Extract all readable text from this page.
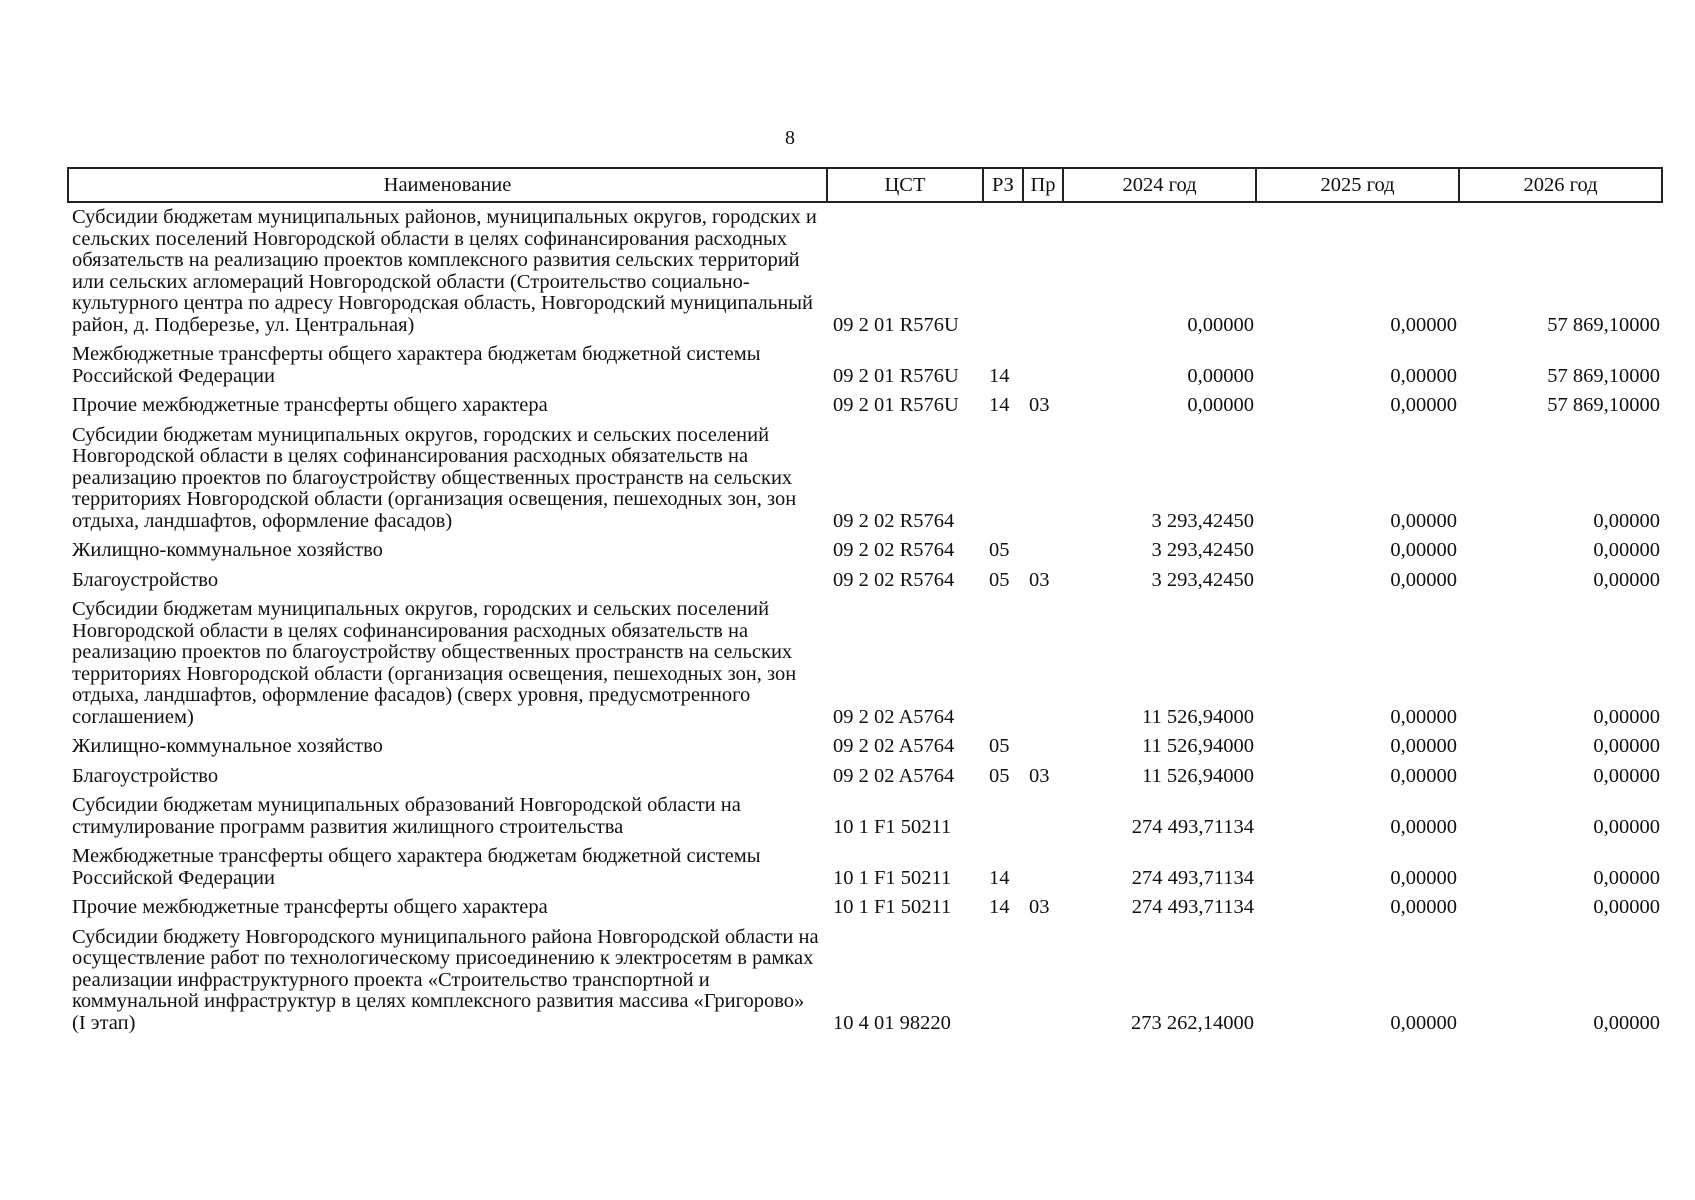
8
Наименование	ЦСТ	РЗ	Пр	2024 год	2025 год	2026 год
Субсидии бюджетам муниципальных районов, муниципальных округов, городских и сельских поселений Новгородской области в целях софинансирования расходных обязательств на реализацию проектов комплексного развития сельских территорий или сельских агломераций Новгородской области (Строительство социально-культурного центра по адресу Новгородская область, Новгородский муниципальный район, д. Подберезье, ул. Центральная)	09 2 01 R576U			0,00000	0,00000	57 869,10000
Межбюджетные трансферты общего характера бюджетам бюджетной системы Российской Федерации	09 2 01 R576U	14		0,00000	0,00000	57 869,10000
Прочие межбюджетные трансферты общего характера	09 2 01 R576U	14	03	0,00000	0,00000	57 869,10000
Субсидии бюджетам муниципальных округов, городских и сельских поселений Новгородской области в целях софинансирования расходных обязательств на реализацию проектов по благоустройству общественных пространств на сельских территориях Новгородской области (организация освещения, пешеходных зон, зон отдыха, ландшафтов, оформление фасадов)	09 2 02 R5764			3 293,42450	0,00000	0,00000
Жилищно-коммунальное хозяйство	09 2 02 R5764	05		3 293,42450	0,00000	0,00000
Благоустройство	09 2 02 R5764	05	03	3 293,42450	0,00000	0,00000
Субсидии бюджетам муниципальных округов, городских и сельских поселений Новгородской области в целях софинансирования расходных обязательств на реализацию проектов по благоустройству общественных пространств на сельских территориях Новгородской области (организация освещения, пешеходных зон, зон отдыха, ландшафтов, оформление фасадов) (сверх уровня, предусмотренного соглашением)	09 2 02 A5764			11 526,94000	0,00000	0,00000
Жилищно-коммунальное хозяйство	09 2 02 A5764	05		11 526,94000	0,00000	0,00000
Благоустройство	09 2 02 A5764	05	03	11 526,94000	0,00000	0,00000
Субсидии бюджетам муниципальных образований Новгородской области на стимулирование программ развития жилищного строительства	10 1 F1 50211			274 493,71134	0,00000	0,00000
Межбюджетные трансферты общего характера бюджетам бюджетной системы Российской Федерации	10 1 F1 50211	14		274 493,71134	0,00000	0,00000
Прочие межбюджетные трансферты общего характера	10 1 F1 50211	14	03	274 493,71134	0,00000	0,00000
Субсидии бюджету Новгородского муниципального района Новгородской области на осуществление работ по технологическому присоединению к электросетям в рамках реализации инфраструктурного проекта «Строительство транспортной и коммунальной инфраструктур в целях комплексного развития массива «Григорово» (I этап)	10 4 01 98220			273 262,14000	0,00000	0,00000
